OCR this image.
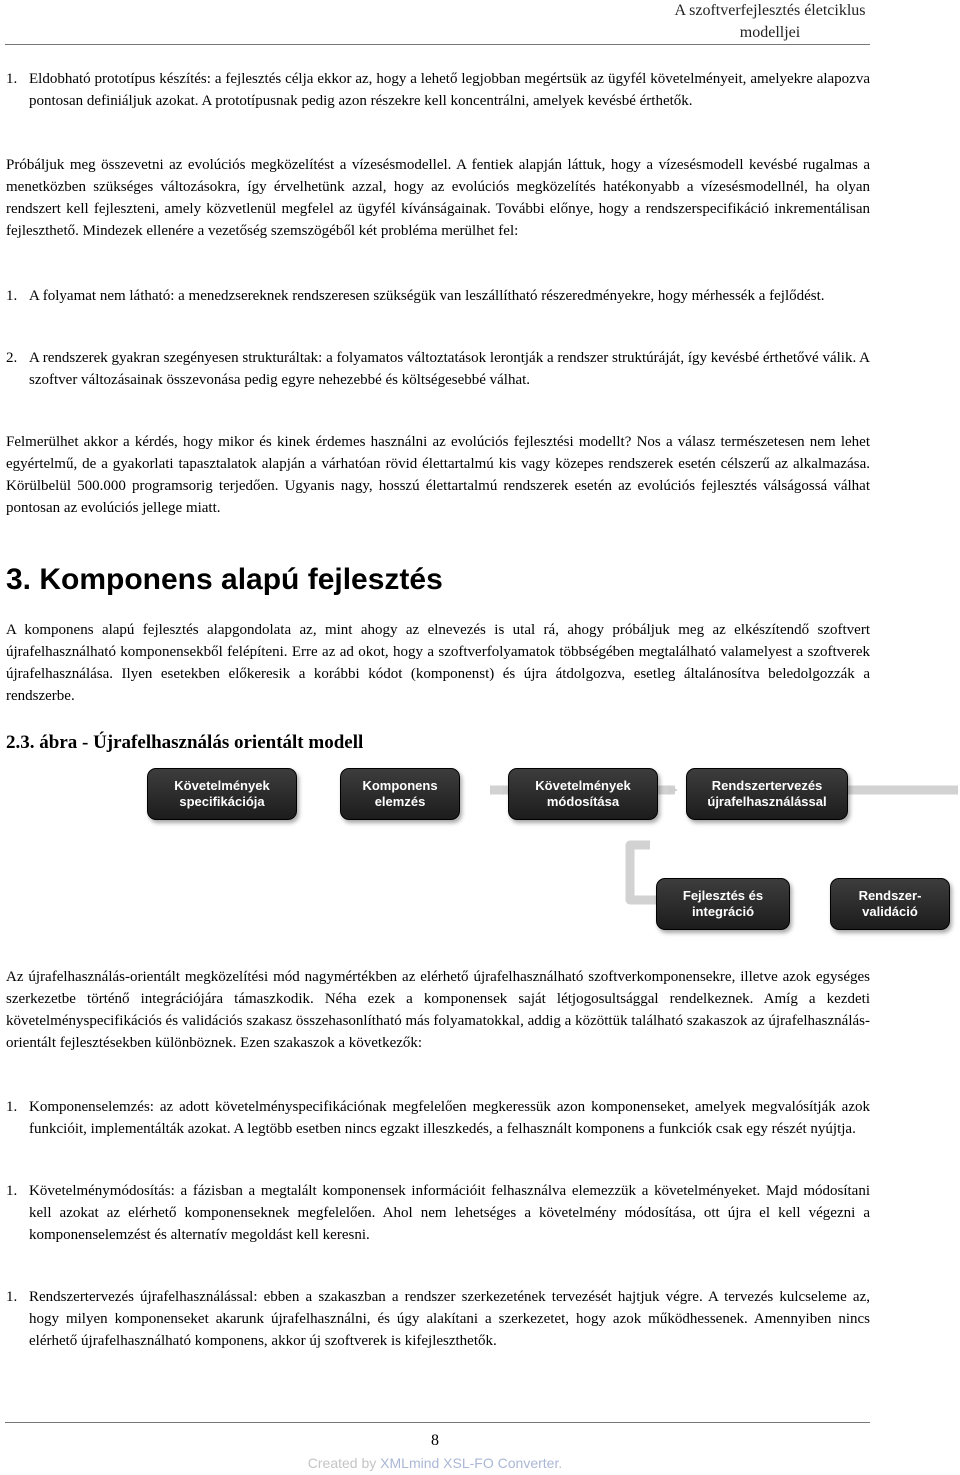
A szoftverfejlesztés életciklus
modelljei
1. Eldobható prototípus készítés: a fejlesztés célja ekkor az, hogy a lehető legjobban megértsük az ügyfél követelményeit, amelyekre alapozva pontosan definiáljuk azokat. A prototípusnak pedig azon részekre kell koncentrálni, amelyek kevésbé érthetők.

Próbáljuk meg összevetni az evolúciós megközelítést a vízesésmodellel. A fentiek alapján láttuk, hogy a vízesésmodell kevésbé rugalmas a menetközben szükséges változásokra, így érvelhetünk azzal, hogy az evolúciós megközelítés hatékonyabb a vízesésmodellnél, ha olyan rendszert kell fejleszteni, amely közvetlenül megfelel az ügyfél kívánságainak. További előnye, hogy a rendszerspecifikáció inkrementálisan fejleszthető. Mindezek ellenére a vezetőség szemszögéből két probléma merülhet fel:

1. A folyamat nem látható: a menedzsereknek rendszeresen szükségük van leszállítható részeredményekre, hogy mérhessék a fejlődést.
2. A rendszerek gyakran szegényesen strukturáltak: a folyamatos változtatások lerontják a rendszer struktúráját, így kevésbé érthetővé válik. A szoftver változásainak összevonása pedig egyre nehezebbé és költségesebbé válhat.

Felmerülhet akkor a kérdés, hogy mikor és kinek érdemes használni az evolúciós fejlesztési modellt? Nos a válasz természetesen nem lehet egyértelmű, de a gyakorlati tapasztalatok alapján a várhatóan rövid élettartalmú kis vagy közepes rendszerek esetén célszerű az alkalmazása. Körülbelül 500.000 programsorig terjedően. Ugyanis nagy, hosszú élettartalmú rendszerek esetén az evolúciós fejlesztés válságossá válhat pontosan az evolúciós jellege miatt.

3. Komponens alapú fejlesztés

A komponens alapú fejlesztés alapgondolata az, mint ahogy az elnevezés is utal rá, ahogy próbáljuk meg az elkészítendő szoftvert újrafelhasználható komponensekből felépíteni. Erre az ad okot, hogy a szoftverfolyamatok többségében megtalálható valamelyest a szoftverek újrafelhasználása. Ilyen esetekben előkeresik a korábbi kódot (komponenst) és újra átdolgozva, esetleg általánosítva beledolgozzák a rendszerbe.

2.3. ábra - Újrafelhasználás orientált modell
Követelmények
specifikációja
Komponens
elemzés
Követelmények
módosítása
Rendszertervezés
újrafelhasználással
Fejlesztés és
integráció
Rendszer-
validáció

Az újrafelhasználás-orientált megközelítési mód nagymértékben az elérhető újrafelhasználható szoftverkomponensekre, illetve azok egységes szerkezetbe történő integrációjára támaszkodik. Néha ezek a komponensek saját létjogosultsággal rendelkeznek. Amíg a kezdeti követelményspecifikációs és validációs szakasz összehasonlítható más folyamatokkal, addig a közöttük található szakaszok az újrafelhasználás-orientált fejlesztésekben különböznek. Ezen szakaszok a következők:

1. Komponenselemzés: az adott követelményspecifikációnak megfelelően megkeressük azon komponenseket, amelyek megvalósítják azok funkcióit, implementálták azokat. A legtöbb esetben nincs egzakt illeszkedés, a felhasznált komponens a funkciók csak egy részét nyújtja.
1. Követelménymódosítás: a fázisban a megtalált komponensek információit felhasználva elemezzük a követelményeket. Majd módosítani kell azokat az elérhető komponenseknek megfelelően. Ahol nem lehetséges a követelmény módosítása, ott újra el kell végezni a komponenselemzést és alternatív megoldást kell keresni.
1. Rendszertervezés újrafelhasználással: ebben a szakaszban a rendszer szerkezetének tervezését hajtjuk végre. A tervezés kulcseleme az, hogy milyen komponenseket akarunk újrafelhasználni, és úgy alakítani a szerkezetet, hogy azok működhessenek. Amennyiben nincs elérhető újrafelhasználható komponens, akkor új szoftverek is kifejleszthetők.
8
Created by XMLmind XSL-FO Converter.
